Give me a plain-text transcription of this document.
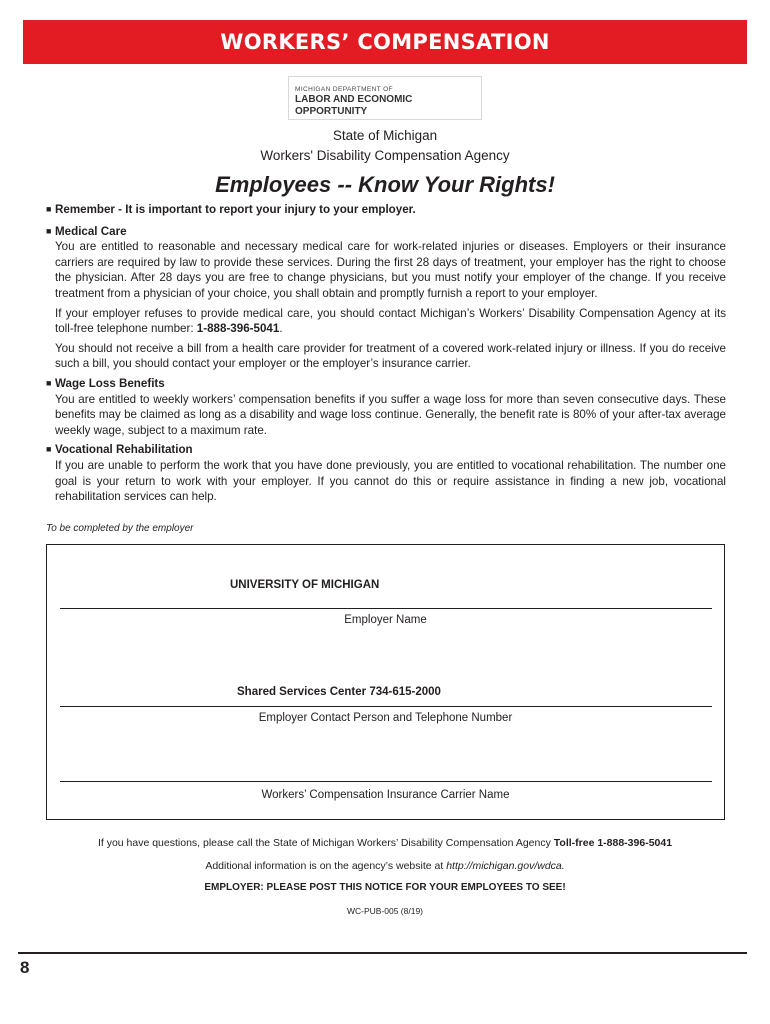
WORKERS’ COMPENSATION
MICHIGAN DEPARTMENT OF
LABOR AND ECONOMIC OPPORTUNITY
State of Michigan
Workers' Disability Compensation Agency
Employees -- Know Your Rights!
■ Remember - It is important to report your injury to your employer.
■ Medical Care

You are entitled to reasonable and necessary medical care for work-related injuries or diseases. Employers or their insurance carriers are required by law to provide these services. During the first 28 days of treatment, your employer has the right to choose the physician. After 28 days you are free to change physicians, but you must notify your employer of the change. If you receive treatment from a physician of your choice, you shall obtain and promptly furnish a report to your employer.

If your employer refuses to provide medical care, you should contact Michigan’s Workers’ Disability Compensation Agency at its toll-free telephone number: 1-888-396-5041.

You should not receive a bill from a health care provider for treatment of a covered work-related injury or illness. If you do receive such a bill, you should contact your employer or the employer’s insurance carrier.

■ Wage Loss Benefits

You are entitled to weekly workers’ compensation benefits if you suffer a wage loss for more than seven consecutive days. These benefits may be claimed as long as a disability and wage loss continue. Generally, the benefit rate is 80% of your after-tax average weekly wage, subject to a maximum rate.

■ Vocational Rehabilitation

If you are unable to perform the work that you have done previously, you are entitled to vocational rehabilitation. The number one goal is your return to work with your employer. If you cannot do this or require assistance in finding a new job, vocational rehabilitation services can help.

To be completed by the employer
UNIVERSITY OF MICHIGAN
Employer Name
Shared Services Center 734-615-2000
Employer Contact Person and Telephone Number
Workers’ Compensation Insurance Carrier Name
If you have questions, please call the State of Michigan Workers’ Disability Compensation Agency Toll-free 1-888-396-5041
Additional information is on the agency’s website at http://michigan.gov/wdca.
EMPLOYER: PLEASE POST THIS NOTICE FOR YOUR EMPLOYEES TO SEE!
WC-PUB-005 (8/19)
8
